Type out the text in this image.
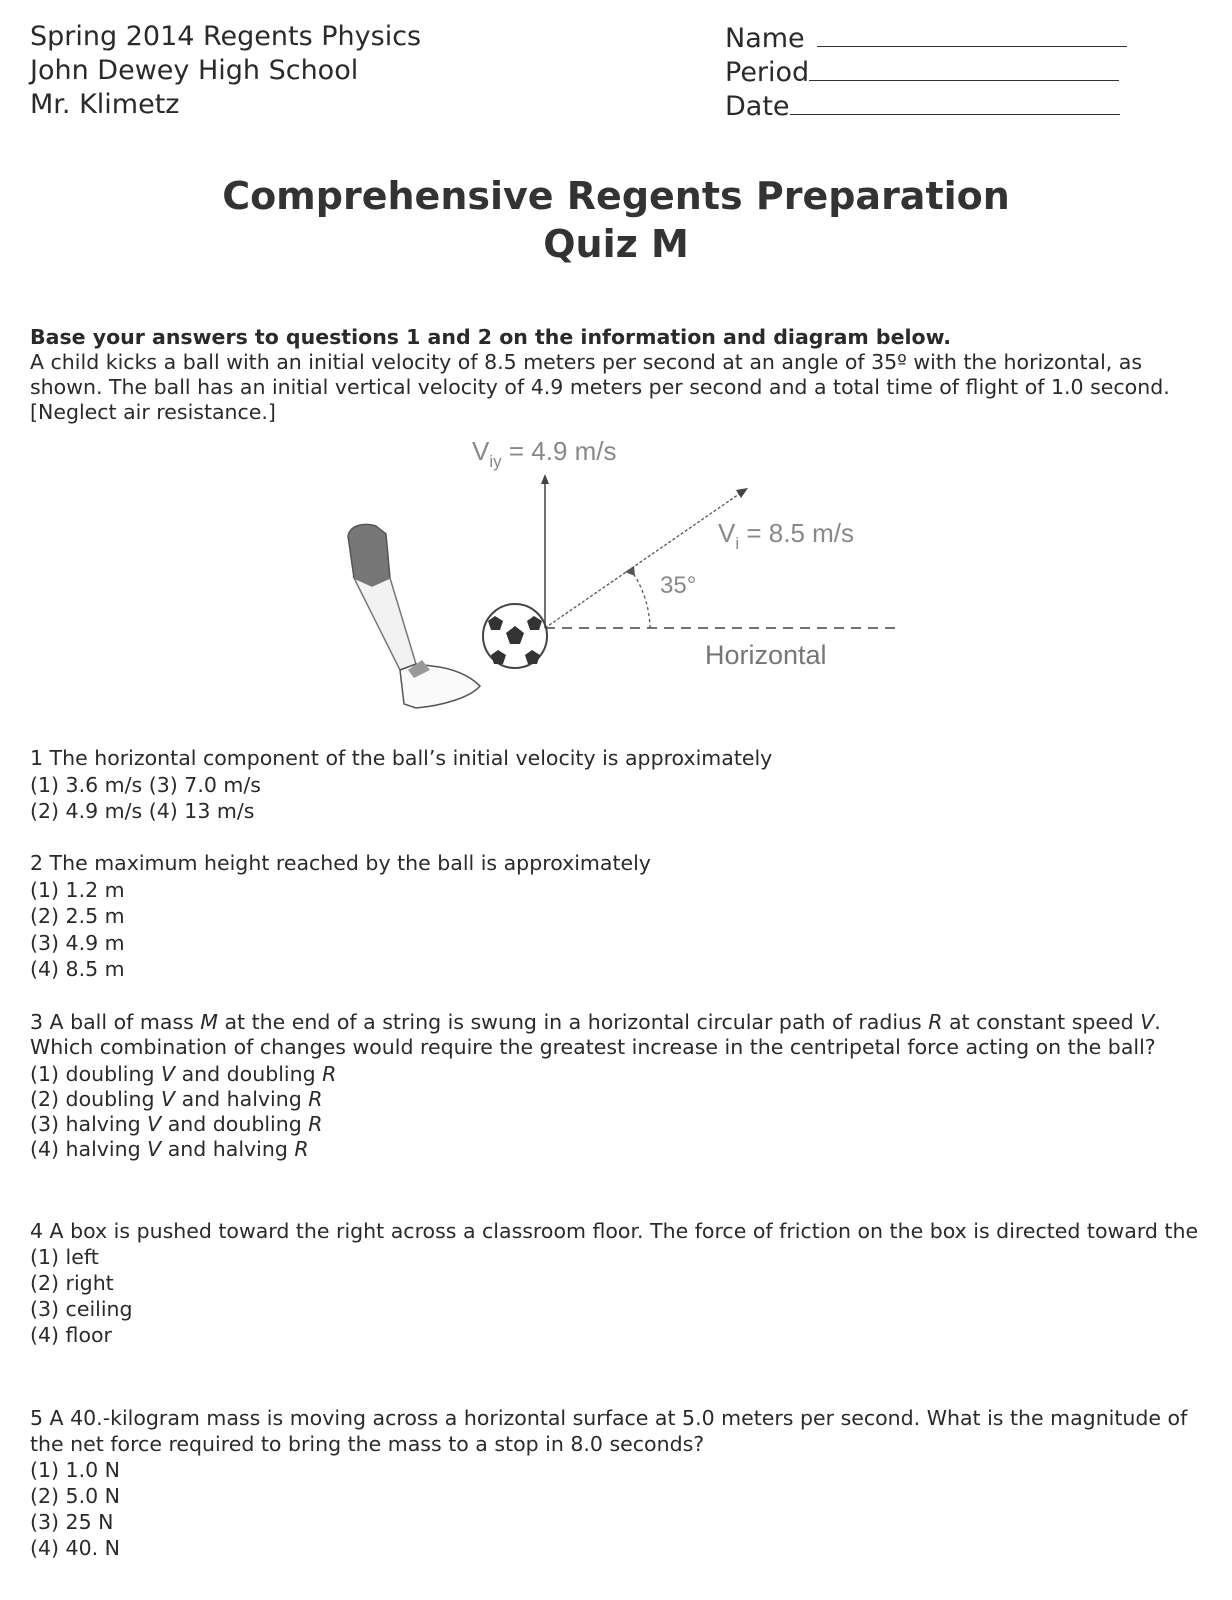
Spring 2014 Regents Physics
John Dewey High School
Mr. Klimetz
Name
Period
Date
Comprehensive Regents Preparation
Quiz M
Base your answers to questions 1 and 2 on the information and diagram below.
A child kicks a ball with an initial velocity of 8.5 meters per second at an angle of 35º with the horizontal, as shown. The ball has an initial vertical velocity of 4.9 meters per second and a total time of flight of 1.0 second. [Neglect air resistance.]
$V_{iy} = 4.9$ m/s
$V_i = 8.5$ m/s
35°
Horizontal
1 The horizontal component of the ball’s initial velocity is approximately
(1) 3.6 m/s (3) 7.0 m/s
(2) 4.9 m/s (4) 13 m/s
2 The maximum height reached by the ball is approximately
(1) 1.2 m
(2) 2.5 m
(3) 4.9 m
(4) 8.5 m
3 A ball of mass M at the end of a string is swung in a horizontal circular path of radius R at constant speed V. Which combination of changes would require the greatest increase in the centripetal force acting on the ball?
(1) doubling V and doubling R
(2) doubling V and halving R
(3) halving V and doubling R
(4) halving V and halving R
4 A box is pushed toward the right across a classroom floor. The force of friction on the box is directed toward the
(1) left
(2) right
(3) ceiling
(4) floor
5 A 40.-kilogram mass is moving across a horizontal surface at 5.0 meters per second. What is the magnitude of the net force required to bring the mass to a stop in 8.0 seconds?
(1) 1.0 N
(2) 5.0 N
(3) 25 N
(4) 40. N
